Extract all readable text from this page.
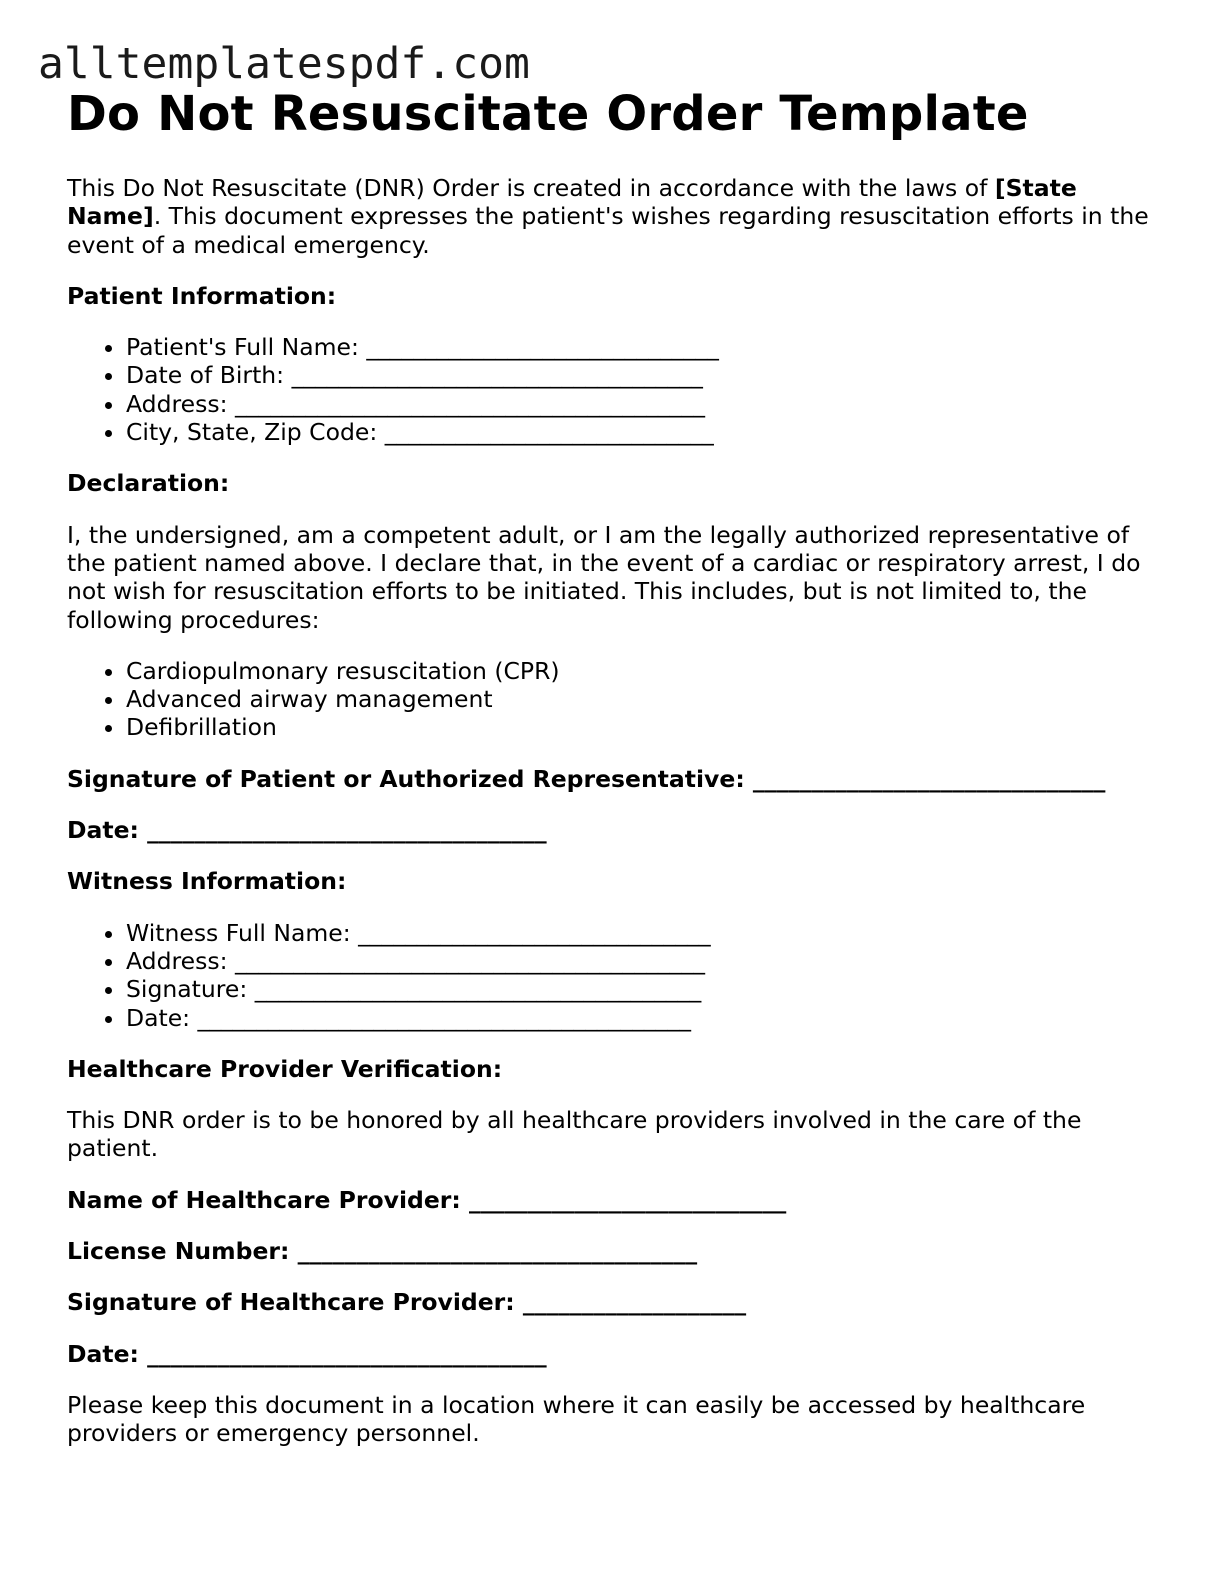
alltemplatespdf.com
Do Not Resuscitate Order Template

This Do Not Resuscitate (DNR) Order is created in accordance with the laws of [State Name]. This document expresses the patient's wishes regarding resuscitation efforts in the event of a medical emergency.

Patient Information:

• Patient's Full Name: ______________________________
• Date of Birth: ___________________________________
• Address: ________________________________________
• City, State, Zip Code: ____________________________

Declaration:

I, the undersigned, am a competent adult, or I am the legally authorized representative of the patient named above. I declare that, in the event of a cardiac or respiratory arrest, I do not wish for resuscitation efforts to be initiated. This includes, but is not limited to, the following procedures:

• Cardiopulmonary resuscitation (CPR)
• Advanced airway management
• Defibrillation

Signature of Patient or Authorized Representative: ______________________________

Date: __________________________________

Witness Information:

• Witness Full Name: ______________________________
• Address: ________________________________________
• Signature: ______________________________________
• Date: __________________________________________

Healthcare Provider Verification:

This DNR order is to be honored by all healthcare providers involved in the care of the patient.

Name of Healthcare Provider: ___________________________

License Number: __________________________________

Signature of Healthcare Provider: ___________________

Date: __________________________________

Please keep this document in a location where it can easily be accessed by healthcare providers or emergency personnel.
